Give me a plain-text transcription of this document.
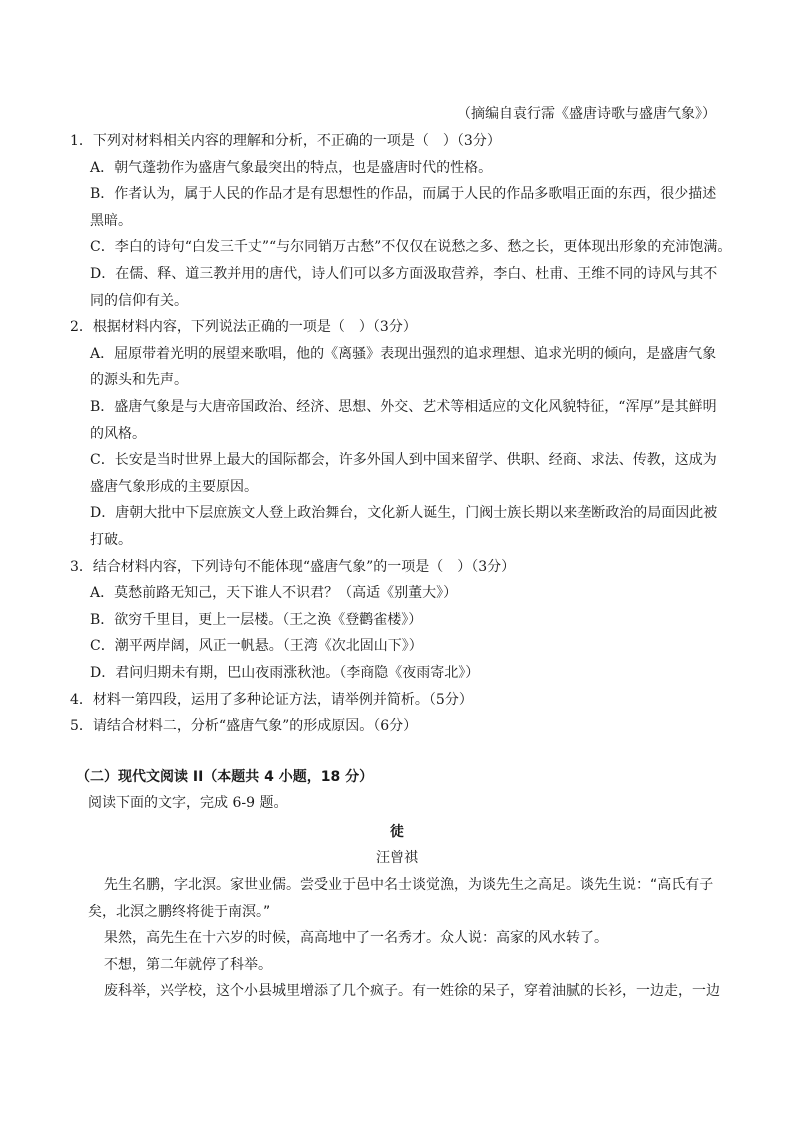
（摘编自袁行霈《盛唐诗歌与盛唐气象》）
1．下列对材料相关内容的理解和分析，不正确的一项是（　）（3分）
A．朝气蓬勃作为盛唐气象最突出的特点，也是盛唐时代的性格。
B．作者认为，属于人民的作品才是有思想性的作品，而属于人民的作品多歌唱正面的东西，很少描述
黑暗。
C．李白的诗句“白发三千丈”“与尔同销万古愁”不仅仅在说愁之多、愁之长，更体现出形象的充沛饱满。
D．在儒、释、道三教并用的唐代，诗人们可以多方面汲取营养，李白、杜甫、王维不同的诗风与其不
同的信仰有关。
2．根据材料内容，下列说法正确的一项是（　）（3分）
A．屈原带着光明的展望来歌唱，他的《离骚》表现出强烈的追求理想、追求光明的倾向，是盛唐气象
的源头和先声。
B．盛唐气象是与大唐帝国政治、经济、思想、外交、艺术等相适应的文化风貌特征，“浑厚”是其鲜明
的风格。
C．长安是当时世界上最大的国际都会，许多外国人到中国来留学、供职、经商、求法、传教，这成为
盛唐气象形成的主要原因。
D．唐朝大批中下层庶族文人登上政治舞台，文化新人诞生，门阀士族长期以来垄断政治的局面因此被
打破。
3．结合材料内容，下列诗句不能体现“盛唐气象”的一项是（　）（3分）
A．莫愁前路无知己，天下谁人不识君？（高适《别董大》）
B．欲穷千里目，更上一层楼。（王之涣《登鹳雀楼》）
C．潮平两岸阔，风正一帆悬。（王湾《次北固山下》）
D．君问归期未有期，巴山夜雨涨秋池。（李商隐《夜雨寄北》）
4．材料一第四段，运用了多种论证方法，请举例并简析。（5分）
5．请结合材料二，分析“盛唐气象”的形成原因。（6分）
（二）现代文阅读 II（本题共 4 小题，18 分）
阅读下面的文字，完成 6-9 题。
徒
汪曾祺
先生名鹏，字北溟。家世业儒。尝受业于邑中名士谈觉漁，为谈先生之高足。谈先生说：“高氏有子
矣，北溟之鹏终将徙于南溟。”
果然，高先生在十六岁的时候，高高地中了一名秀才。众人说：高家的风水转了。
不想，第二年就停了科举。
废科举，兴学校，这个小县城里增添了几个疯子。有一姓徐的呆子，穿着油腻的长衫，一边走，一边
